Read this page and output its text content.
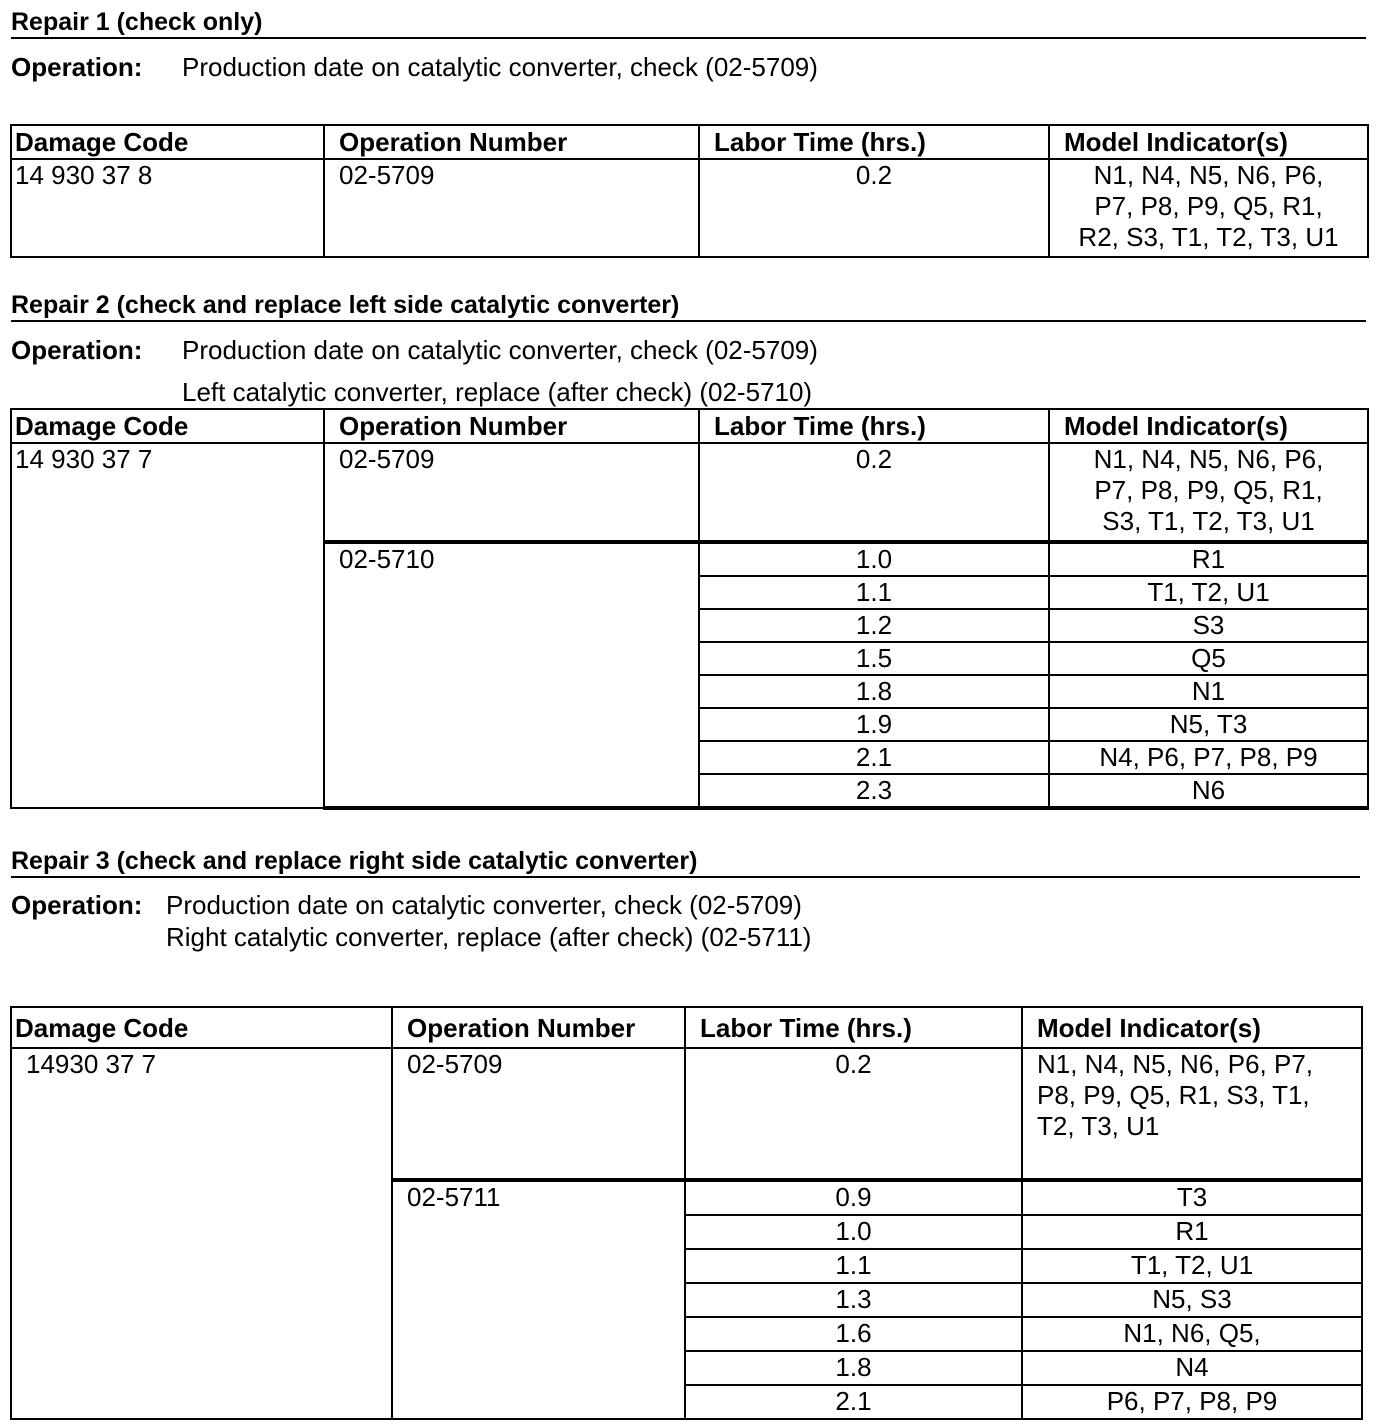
Repair 1 (check only)
Operation: Production date on catalytic converter, check (02-5709)
Damage Code	Operation Number	Labor Time (hrs.)	Model Indicator(s)
14 930 37 8	02-5709	0.2	N1, N4, N5, N6, P6,
P7, P8, P9, Q5, R1,
R2, S3, T1, T2, T3, U1
Repair 2 (check and replace left side catalytic converter)
Operation: Production date on catalytic converter, check (02-5709)
Left catalytic converter, replace (after check) (02-5710)
Damage Code	Operation Number	Labor Time (hrs.)	Model Indicator(s)
14 930 37 7	02-5709	0.2	N1, N4, N5, N6, P6,
P7, P8, P9, Q5, R1,
S3, T1, T2, T3, U1

	02-5710	1.0	R1
		1.1	T1, T2, U1
		1.2	S3
		1.5	Q5
		1.8	N1
		1.9	N5, T3
		2.1	N4, P6, P7, P8, P9
		2.3	N6
Repair 3 (check and replace right side catalytic converter)
Operation: Production date on catalytic converter, check (02-5709)
Right catalytic converter, replace (after check) (02-5711)
Damage Code	Operation Number	Labor Time (hrs.)	Model Indicator(s)
14930 37 7	02-5709	0.2	N1, N4, N5, N6, P6, P7,
P8, P9, Q5, R1, S3, T1,
T2, T3, U1

	02-5711	0.9	T3
		1.0	R1
		1.1	T1, T2, U1
		1.3	N5, S3
		1.6	N1, N6, Q5,
		1.8	N4
		2.1	P6, P7, P8, P9
